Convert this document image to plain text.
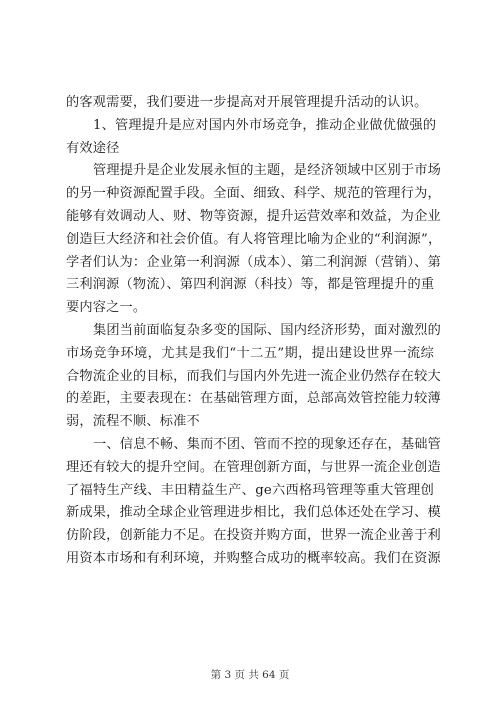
的客观需要，我们要进一步提高对开展管理提升活动的认识。
1、管理提升是应对国内外市场竞争，推动企业做优做强的
有效途径
管理提升是企业发展永恒的主题，是经济领域中区别于市场
的另一种资源配置手段。全面、细致、科学、规范的管理行为，
能够有效调动人、财、物等资源，提升运营效率和效益，为企业
创造巨大经济和社会价值。有人将管理比喻为企业的“利润源”，
学者们认为：企业第一利润源（成本）、第二利润源（营销）、第
三利润源（物流）、第四利润源（科技）等，都是管理提升的重
要内容之一。
集团当前面临复杂多变的国际、国内经济形势，面对激烈的
市场竞争环境，尤其是我们“十二五”期，提出建设世界一流综
合物流企业的目标，而我们与国内外先进一流企业仍然存在较大
的差距，主要表现在：在基础管理方面，总部高效管控能力较薄
弱，流程不顺、标准不
一、信息不畅、集而不团、管而不控的现象还存在，基础管
理还有较大的提升空间。在管理创新方面，与世界一流企业创造
了福特生产线、丰田精益生产、ge六西格玛管理等重大管理创
新成果，推动全球企业管理进步相比，我们总体还处在学习、模
仿阶段，创新能力不足。在投资并购方面，世界一流企业善于利
用资本市场和有利环境，并购整合成功的概率较高。我们在资源
第 3 页 共 64 页
